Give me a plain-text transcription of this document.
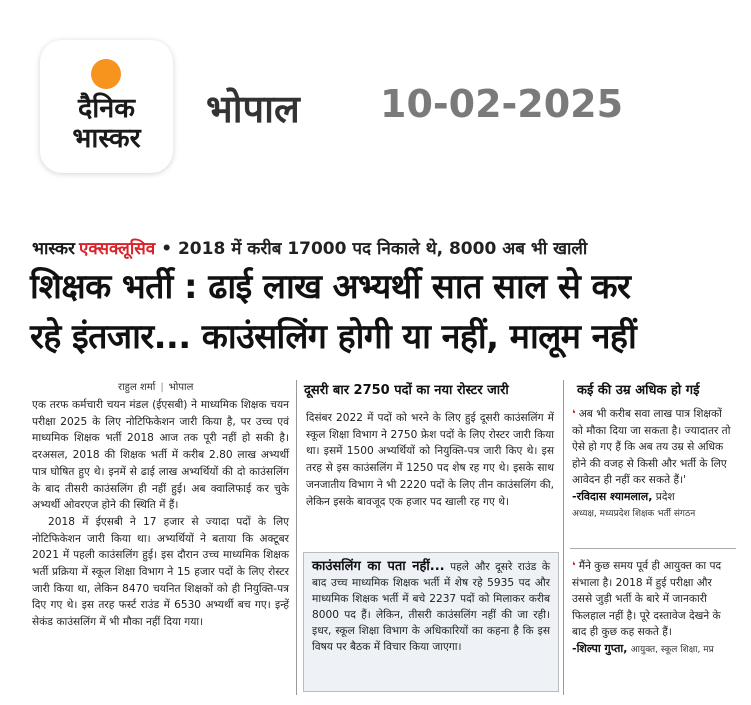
दैनिक
भास्कर
भोपाल 10-02-2025
भास्कर एक्सक्लूसिव • 2018 में करीब 17000 पद निकाले थे, 8000 अब भी खाली
शिक्षक भर्ती : ढाई लाख अभ्यर्थी सात साल से कर
रहे इंतजार... काउंसलिंग होगी या नहीं, मालूम नहीं
राहुल शर्मा | भोपाल

एक तरफ कर्मचारी चयन मंडल (ईएसबी) ने माध्यमिक शिक्षक चयन परीक्षा 2025 के लिए नोटिफिकेशन जारी किया है, पर उच्च एवं माध्यमिक शिक्षक भर्ती 2018 आज तक पूरी नहीं हो सकी है। दरअसल, 2018 की शिक्षक भर्ती में करीब 2.80 लाख अभ्यर्थी पात्र घोषित हुए थे। इनमें से ढाई लाख अभ्यर्थियों की दो काउंसलिंग के बाद तीसरी काउंसलिंग ही नहीं हुई। अब क्वालिफाई कर चुके अभ्यर्थी ओवरएज होने की स्थिति में हैं।

2018 में ईएसबी ने 17 हजार से ज्यादा पदों के लिए नोटिफिकेशन जारी किया था। अभ्यर्थियों ने बताया कि अक्टूबर 2021 में पहली काउंसलिंग हुई। इस दौरान उच्च माध्यमिक शिक्षक भर्ती प्रक्रिया में स्कूल शिक्षा विभाग ने 15 हजार पदों के लिए रोस्टर जारी किया था, लेकिन 8470 चयनित शिक्षकों को ही नियुक्ति-पत्र दिए गए थे। इस तरह फर्स्ट राउंड में 6530 अभ्यर्थी बच गए। इन्हें सेकंड काउंसलिंग में भी मौका नहीं दिया गया।

दूसरी बार 2750 पदों का नया रोस्टर जारी

दिसंबर 2022 में पदों को भरने के लिए हुई दूसरी काउंसलिंग में स्कूल शिक्षा विभाग ने 2750 फ्रेश पदों के लिए रोस्टर जारी किया था। इसमें 1500 अभ्यर्थियों को नियुक्ति-पत्र जारी किए थे। इस तरह से इस काउंसलिंग में 1250 पद शेष रह गए थे। इसके साथ जनजातीय विभाग ने भी 2220 पदों के लिए तीन काउंसलिंग की, लेकिन इसके बावजूद एक हजार पद खाली रह गए थे।

काउंसलिंग का पता नहीं... पहले और दूसरे राउंड के बाद उच्च माध्यमिक शिक्षक भर्ती में शेष रहे 5935 पद और माध्यमिक शिक्षक भर्ती में बचे 2237 पदों को मिलाकर करीब 8000 पद हैं। लेकिन, तीसरी काउंसलिंग नहीं की जा रही। इधर, स्कूल शिक्षा विभाग के अधिकारियों का कहना है कि इस विषय पर बैठक में विचार किया जाएगा।
कई की उम्र अधिक हो गई
❛ अब भी करीब सवा लाख पात्र शिक्षकों को मौका दिया जा सकता है। ज्यादातर तो ऐसे हो गए हैं कि अब तय उम्र से अधिक होने की वजह से किसी और भर्ती के लिए आवेदन ही नहीं कर सकते हैं।'
-रविदास श्यामलाल, प्रदेश
अध्यक्ष, मध्यप्रदेश शिक्षक भर्ती संगठन
❛ मैंने कुछ समय पूर्व ही आयुक्त का पद संभाला है। 2018 में हुई परीक्षा और उससे जुड़ी भर्ती के बारे में जानकारी फिलहाल नहीं है। पूरे दस्तावेज देखने के बाद ही कुछ कह सकते हैं।
-शिल्पा गुप्ता, आयुक्त, स्कूल शिक्षा, मप्र
